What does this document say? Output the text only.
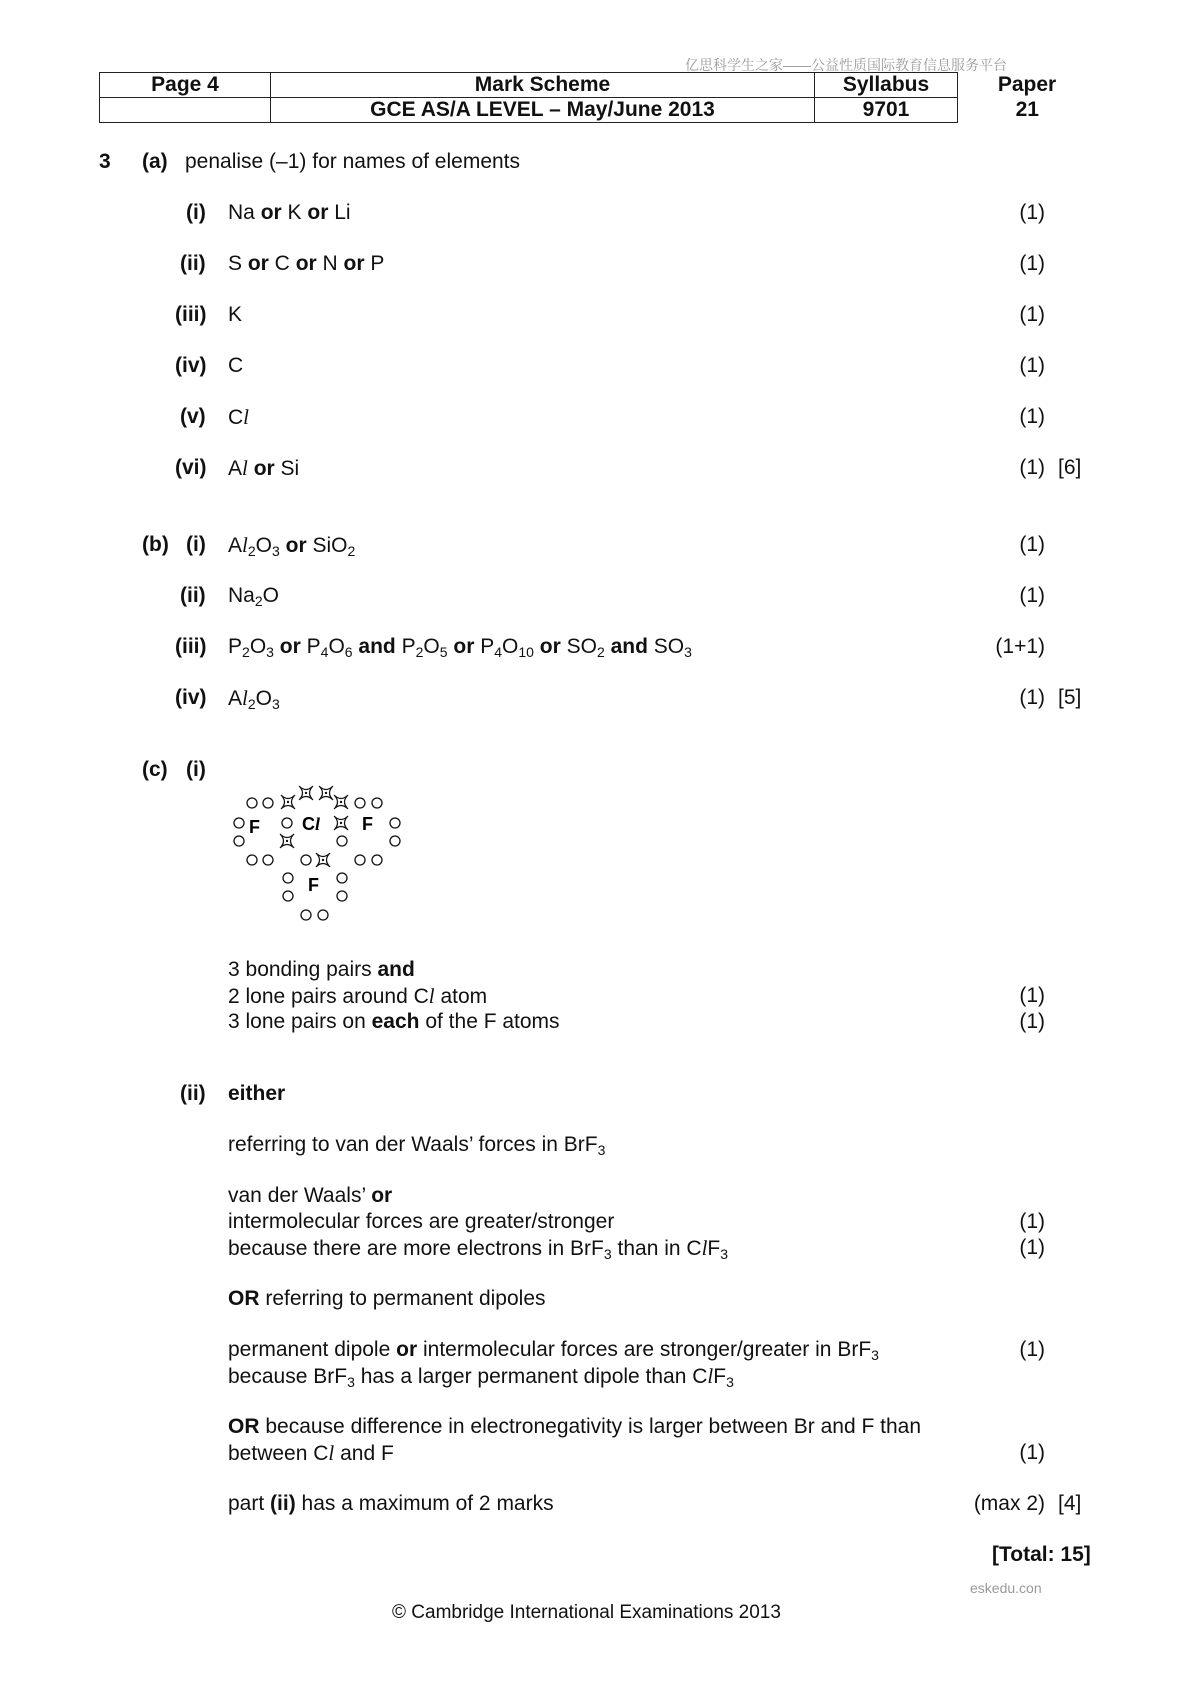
亿思科学生之家——公益性质国际教育信息服务平台
Page 4	Mark Scheme	Syllabus	Paper
	GCE AS/A LEVEL – May/June 2013	9701	21
3 (a) penalise (–1) for names of elements
(i) Na or K or Li	(1)
(ii) S or C or N or P	(1)
(iii) K	(1)
(iv) C	(1)
(v) Cl	(1)
(vi) Al or Si	(1) [6]
(b) (i) $Al_2O_3$ or SiO$_2$	(1)
(ii) $Na_2O$	(1)
(iii) $P_2O_3$ or $P_4O_6$ and $P_2O_5$ or $P_4O_{10}$ or $SO_2$ and $SO_3$	(1+1)
(iv) $Al_2O_3$	(1) [5]
(c) (i)
F Cl F
F
3 bonding pairs and
2 lone pairs around Cl atom	(1)
3 lone pairs on each of the F atoms	(1)
(ii) either
referring to van der Waals’ forces in BrF$_3$
van der Waals’ or
intermolecular forces are greater/stronger	(1)
because there are more electrons in BrF$_3$ than in ClF$_3$	(1)
OR referring to permanent dipoles
permanent dipole or intermolecular forces are stronger/greater in BrF$_3$	(1)
because BrF$_3$ has a larger permanent dipole than ClF$_3$
OR because difference in electronegativity is larger between Br and F than
between Cl and F	(1)
part (ii) has a maximum of 2 marks	(max 2) [4]
[Total: 15]
eskedu.con
© Cambridge International Examinations 2013
